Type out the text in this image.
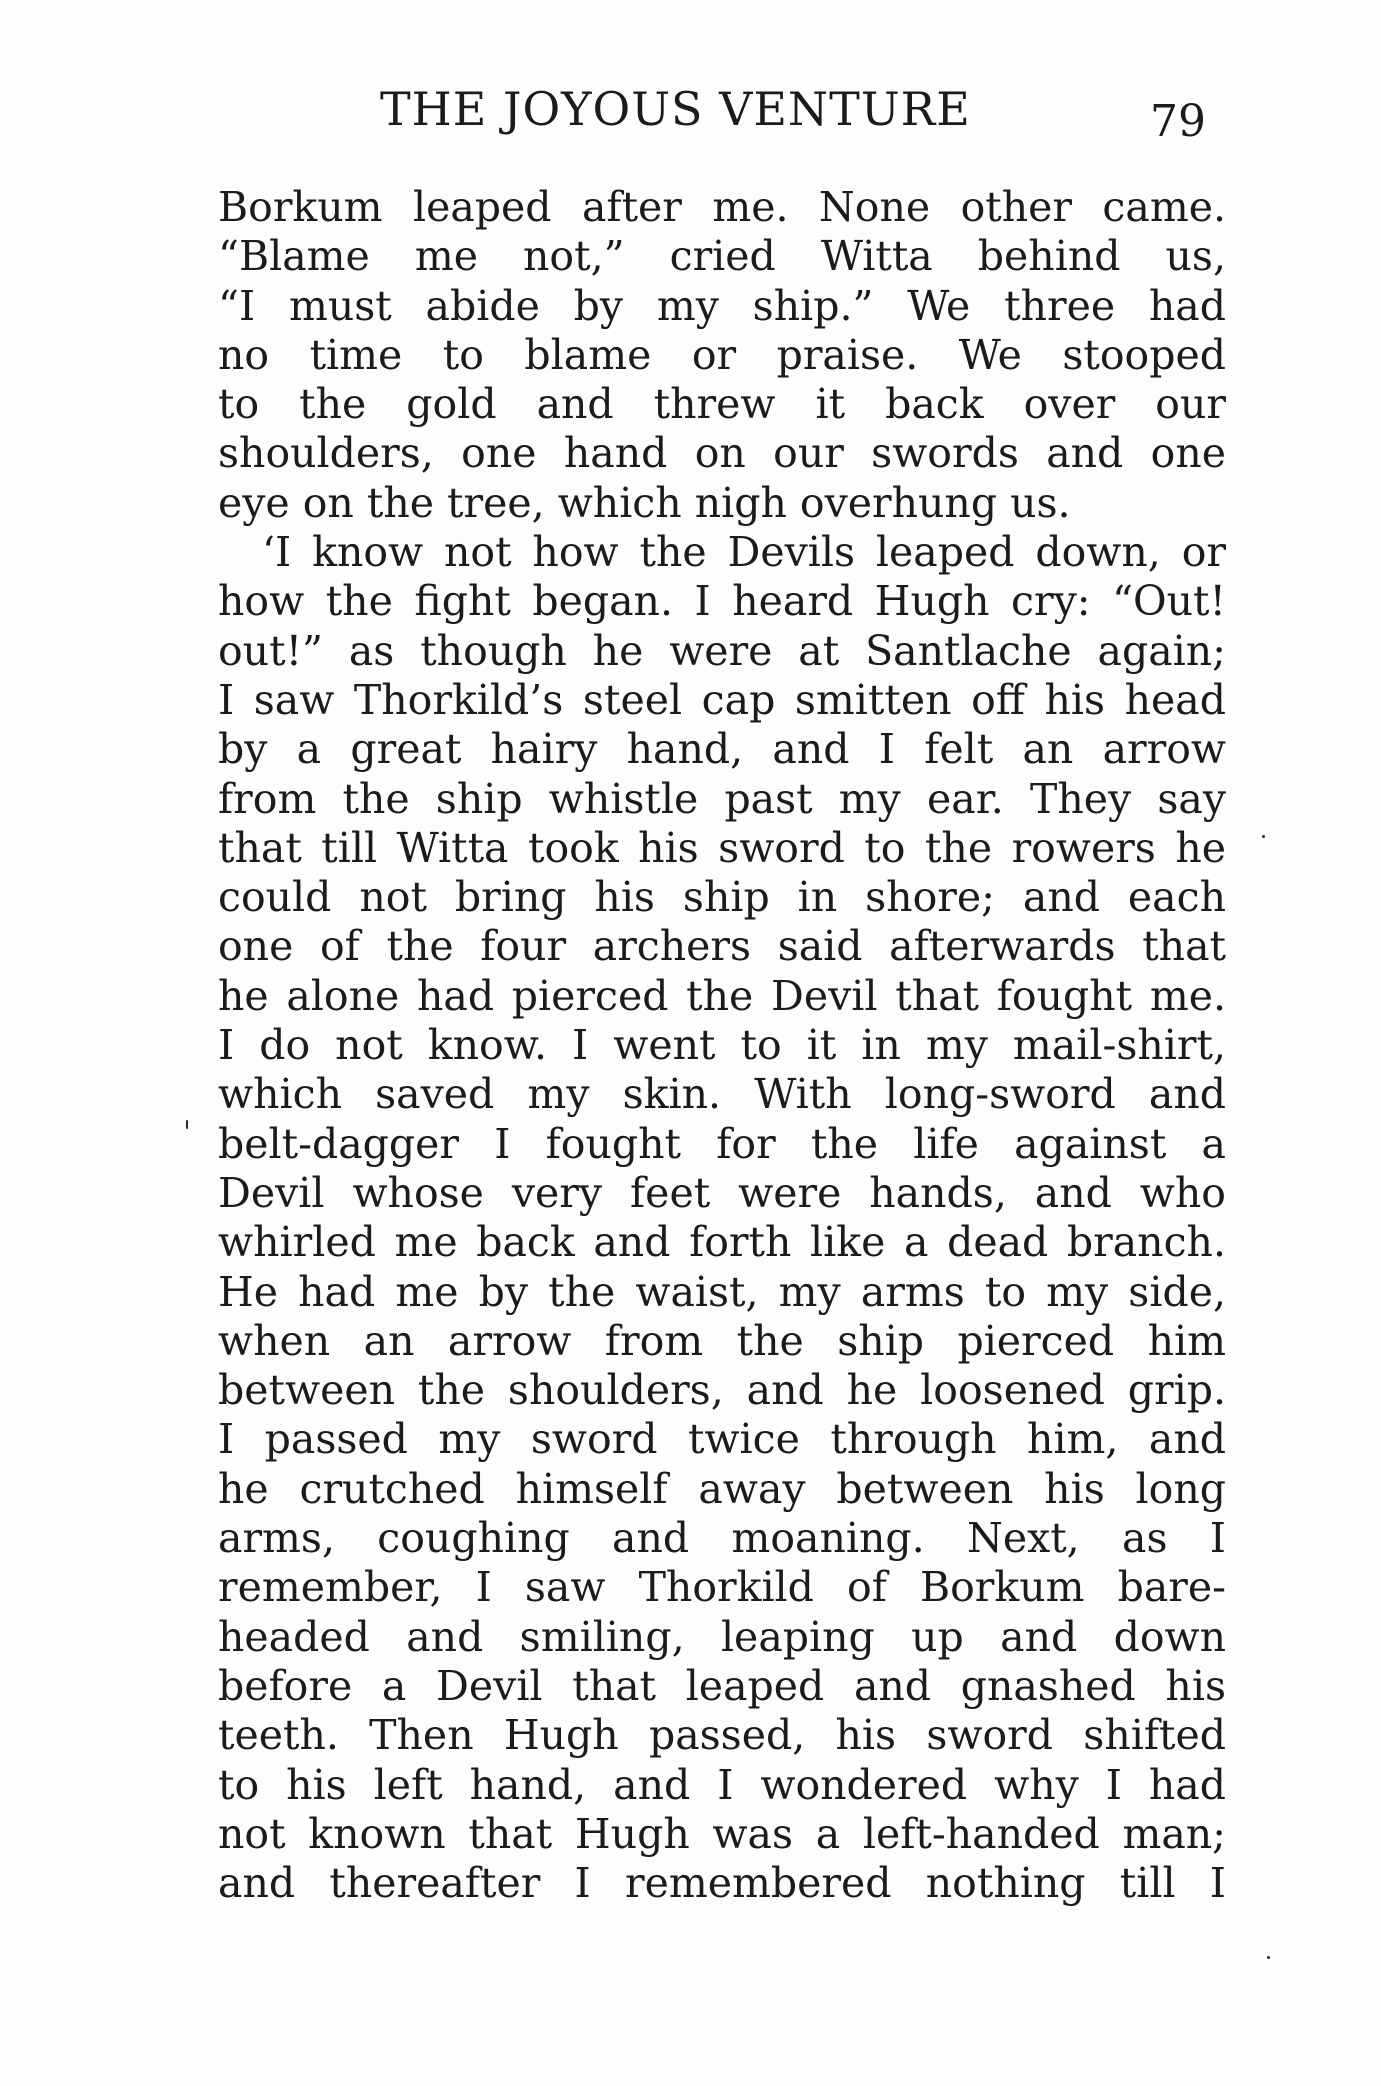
THE JOYOUS VENTURE	79
Borkum leaped after me. None other came.
“Blame me not,” cried Witta behind us,
“I must abide by my ship.” We three had
no time to blame or praise. We stooped
to the gold and threw it back over our
shoulders, one hand on our swords and one
eye on the tree, which nigh overhung us.
‘I know not how the Devils leaped down, or
how the fight began. I heard Hugh cry: “Out!
out!” as though he were at Santlache again;
I saw Thorkild’s steel cap smitten off his head
by a great hairy hand, and I felt an arrow
from the ship whistle past my ear. They say
that till Witta took his sword to the rowers he
could not bring his ship in shore; and each
one of the four archers said afterwards that
he alone had pierced the Devil that fought me.
I do not know. I went to it in my mail-shirt,
which saved my skin. With long-sword and
belt-dagger I fought for the life against a
Devil whose very feet were hands, and who
whirled me back and forth like a dead branch.
He had me by the waist, my arms to my side,
when an arrow from the ship pierced him
between the shoulders, and he loosened grip.
I passed my sword twice through him, and
he crutched himself away between his long
arms, coughing and moaning. Next, as I
remember, I saw Thorkild of Borkum bare-
headed and smiling, leaping up and down
before a Devil that leaped and gnashed his
teeth. Then Hugh passed, his sword shifted
to his left hand, and I wondered why I had
not known that Hugh was a left-handed man;
and thereafter I remembered nothing till I
